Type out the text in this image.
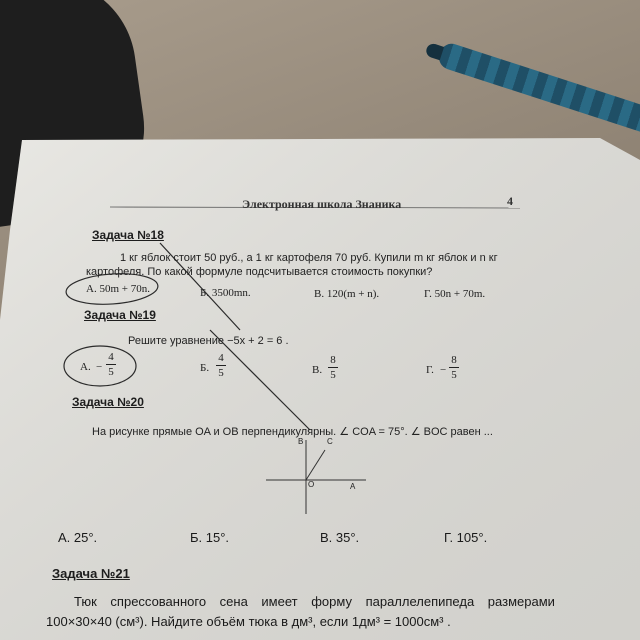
Электронная школа Знаника	4
Задача №18
1 кг яблок стоит 50 руб., а 1 кг картофеля 70 руб. Купили m кг яблок и n кг
картофеля. По какой формуле подсчитывается стоимость покупки?
А. 50m + 70n.	Б. 3500mn.	В. 120(m + n).	Г. 50n + 70m.
Задача №19
Решите уравнение −5x + 2 = 6 .
А. −
4
5	Б.
4
5	В.
8
5	Г. −
8
5
Задача №20
На рисунке прямые OA и OB перпендикулярны. ∠ COA = 75°. ∠ BOC равен ...
B	C
O	A
А. 25°.	Б. 15°.	В. 35°.	Г. 105°.
Задача №21
Тюк спрессованного сена имеет форму параллелепипеда размерами
100×30×40 (см³). Найдите объём тюка в дм³, если 1дм³ = 1000см³ .
